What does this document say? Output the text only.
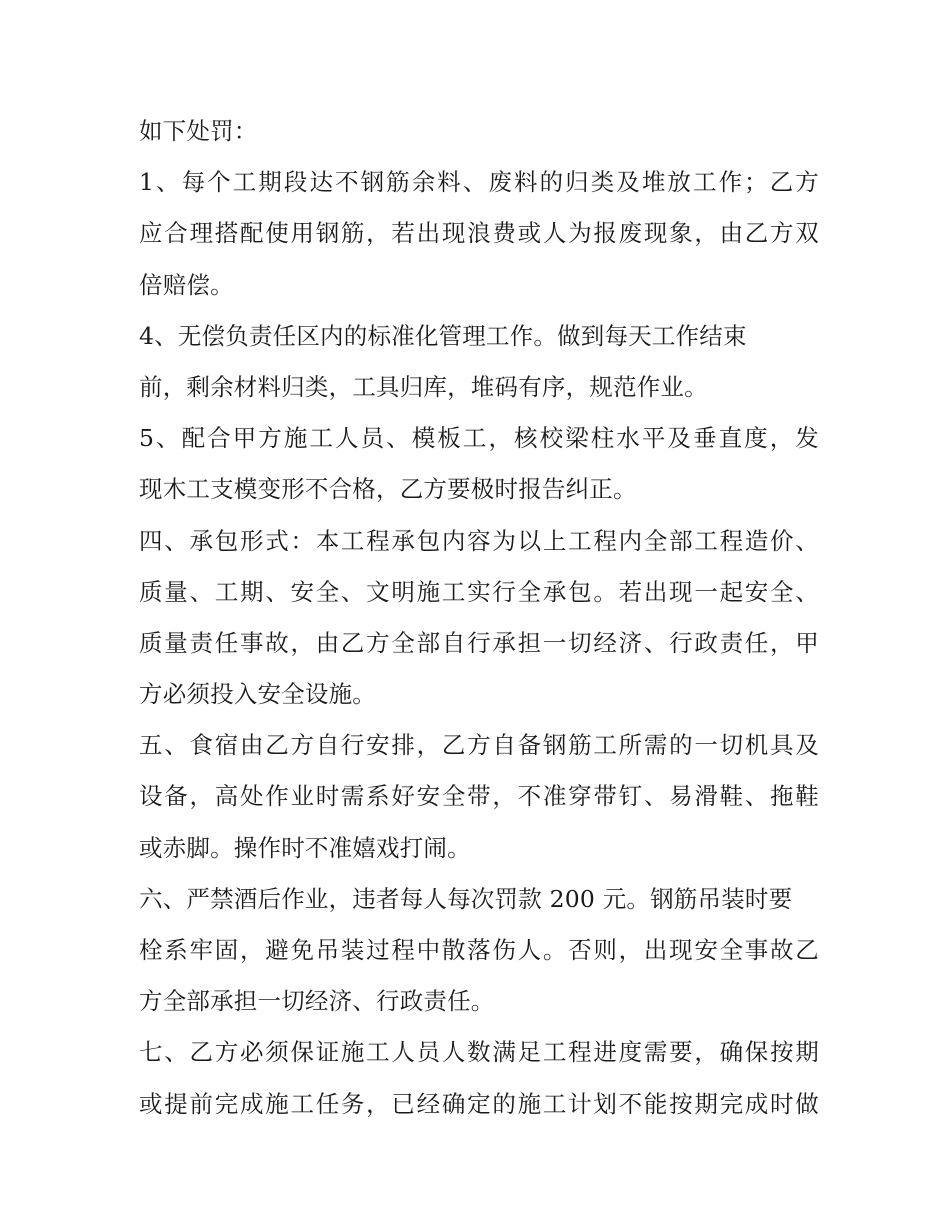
如下处罚：
1、每个工期段达不钢筋余料、废料的归类及堆放工作；乙方
应合理搭配使用钢筋，若出现浪费或人为报废现象，由乙方双
倍赔偿。
4、无偿负责任区内的标准化管理工作。做到每天工作结束
前，剩余材料归类，工具归库，堆码有序，规范作业。
5、配合甲方施工人员、模板工，核校梁柱水平及垂直度，发
现木工支模变形不合格，乙方要极时报告纠正。
四、承包形式：本工程承包内容为以上工程内全部工程造价、
质量、工期、安全、文明施工实行全承包。若出现一起安全、
质量责任事故，由乙方全部自行承担一切经济、行政责任，甲
方必须投入安全设施。
五、食宿由乙方自行安排，乙方自备钢筋工所需的一切机具及
设备，高处作业时需系好安全带，不准穿带钉、易滑鞋、拖鞋
或赤脚。操作时不准嬉戏打闹。
六、严禁酒后作业，违者每人每次罚款 200 元。钢筋吊装时要
栓系牢固，避免吊装过程中散落伤人。否则，出现安全事故乙
方全部承担一切经济、行政责任。
七、乙方必须保证施工人员人数满足工程进度需要，确保按期
或提前完成施工任务，已经确定的施工计划不能按期完成时做
